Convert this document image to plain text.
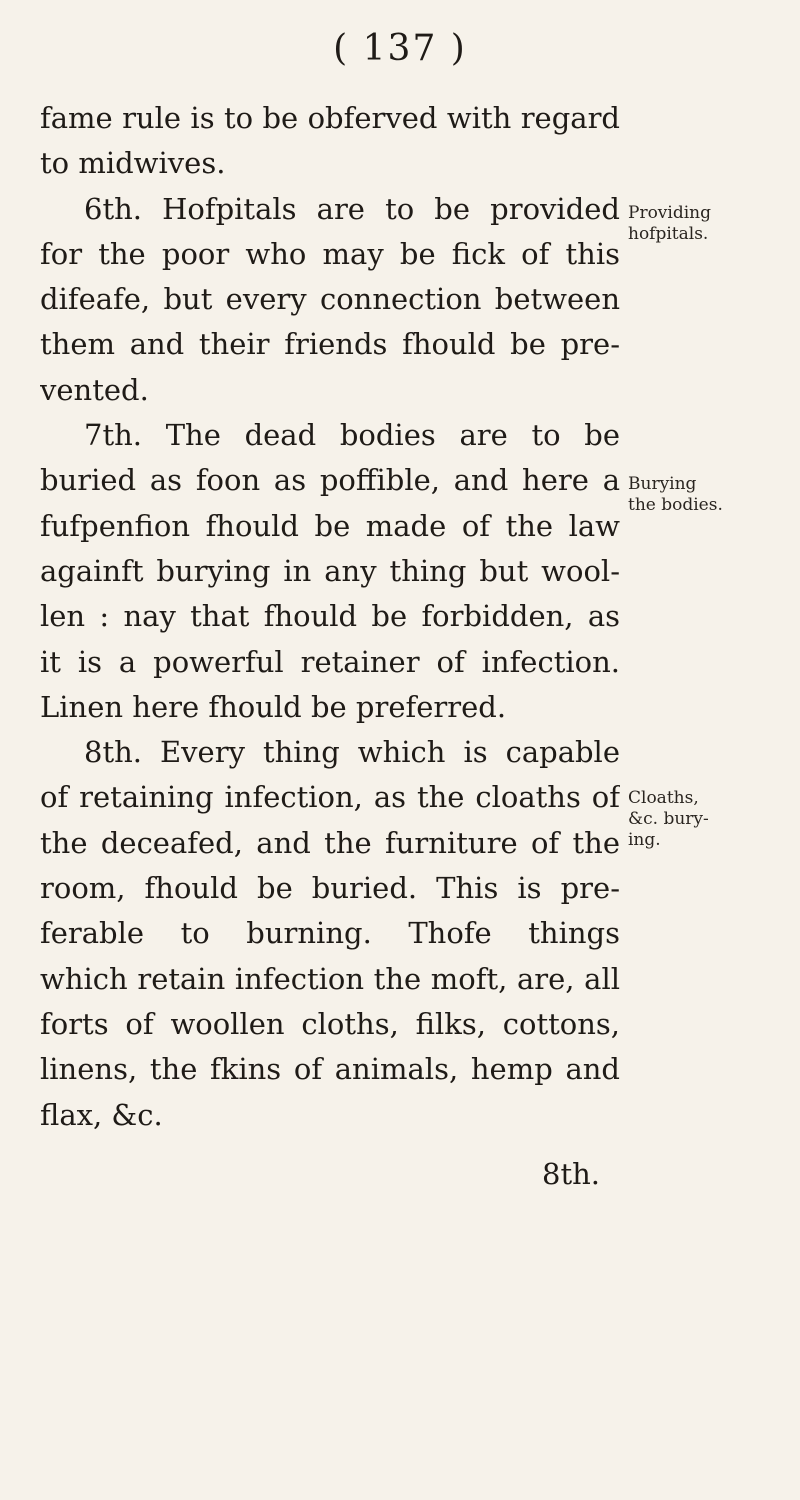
( 137 )
fame rule is to be obferved with regard
to midwives.
6th. Hofpitals are to be provided
for the poor who may be fick of this
difeafe, but every connection between
them and their friends fhould be pre-
vented.
7th. The dead bodies are to be
buried as foon as poffible, and here a
fufpenfion fhould be made of the law
againft burying in any thing but wool-
len : nay that fhould be forbidden, as
it is a powerful retainer of infection.
Linen here fhould be preferred.
8th. Every thing which is capable
of retaining infection, as the cloaths of
the deceafed, and the furniture of the
room, fhould be buried. This is pre-
ferable to burning. Thofe things
which retain infection the moft, are, all
forts of woollen cloths, filks, cottons,
linens, the fkins of animals, hemp and
flax, &c.
8th.
Providing
hofpitals.
Burying
the bodies.
Cloaths,
&c. bury-
ing.
